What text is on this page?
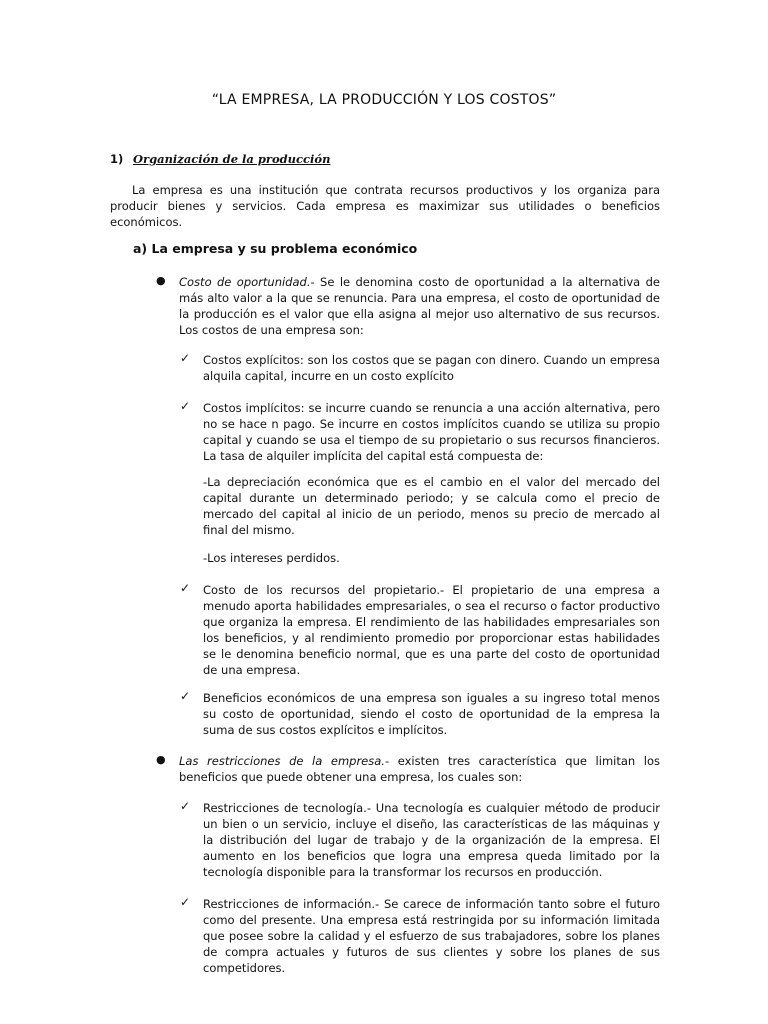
“LA EMPRESA, LA PRODUCCIÓN Y LOS COSTOS”
1) Organización de la producción

La empresa es una institución que contrata recursos productivos y los organiza para producir bienes y servicios. Cada empresa es maximizar sus utilidades o beneficios económicos.

a) La empresa y su problema económico
● Costo de oportunidad.- Se le denomina costo de oportunidad a la alternativa de más alto valor a la que se renuncia. Para una empresa, el costo de oportunidad de la producción es el valor que ella asigna al mejor uso alternativo de sus recursos. Los costos de una empresa son:

✓ Costos explícitos: son los costos que se pagan con dinero. Cuando un empresa alquila capital, incurre en un costo explícito

✓ Costos implícitos: se incurre cuando se renuncia a una acción alternativa, pero no se hace n pago. Se incurre en costos implícitos cuando se utiliza su propio capital y cuando se usa el tiempo de su propietario o sus recursos financieros. La tasa de alquiler implícita del capital está compuesta de:

-La depreciación económica que es el cambio en el valor del mercado del capital durante un determinado periodo; y se calcula como el precio de mercado del capital al inicio de un periodo, menos su precio de mercado al final del mismo.

-Los intereses perdidos.

✓ Costo de los recursos del propietario.- El propietario de una empresa a menudo aporta habilidades empresariales, o sea el recurso o factor productivo que organiza la empresa. El rendimiento de las habilidades empresariales son los beneficios, y al rendimiento promedio por proporcionar estas habilidades se le denomina beneficio normal, que es una parte del costo de oportunidad de una empresa.

✓ Beneficios económicos de una empresa son iguales a su ingreso total menos su costo de oportunidad, siendo el costo de oportunidad de la empresa la suma de sus costos explícitos e implícitos.

● Las restricciones de la empresa.- existen tres característica que limitan los beneficios que puede obtener una empresa, los cuales son:

✓ Restricciones de tecnología.- Una tecnología es cualquier método de producir un bien o un servicio, incluye el diseño, las características de las máquinas y la distribución del lugar de trabajo y de la organización de la empresa. El aumento en los beneficios que logra una empresa queda limitado por la tecnología disponible para la transformar los recursos en producción.

✓ Restricciones de información.- Se carece de información tanto sobre el futuro como del presente. Una empresa está restringida por su información limitada que posee sobre la calidad y el esfuerzo de sus trabajadores, sobre los planes de compra actuales y futuros de sus clientes y sobre los planes de sus competidores.
